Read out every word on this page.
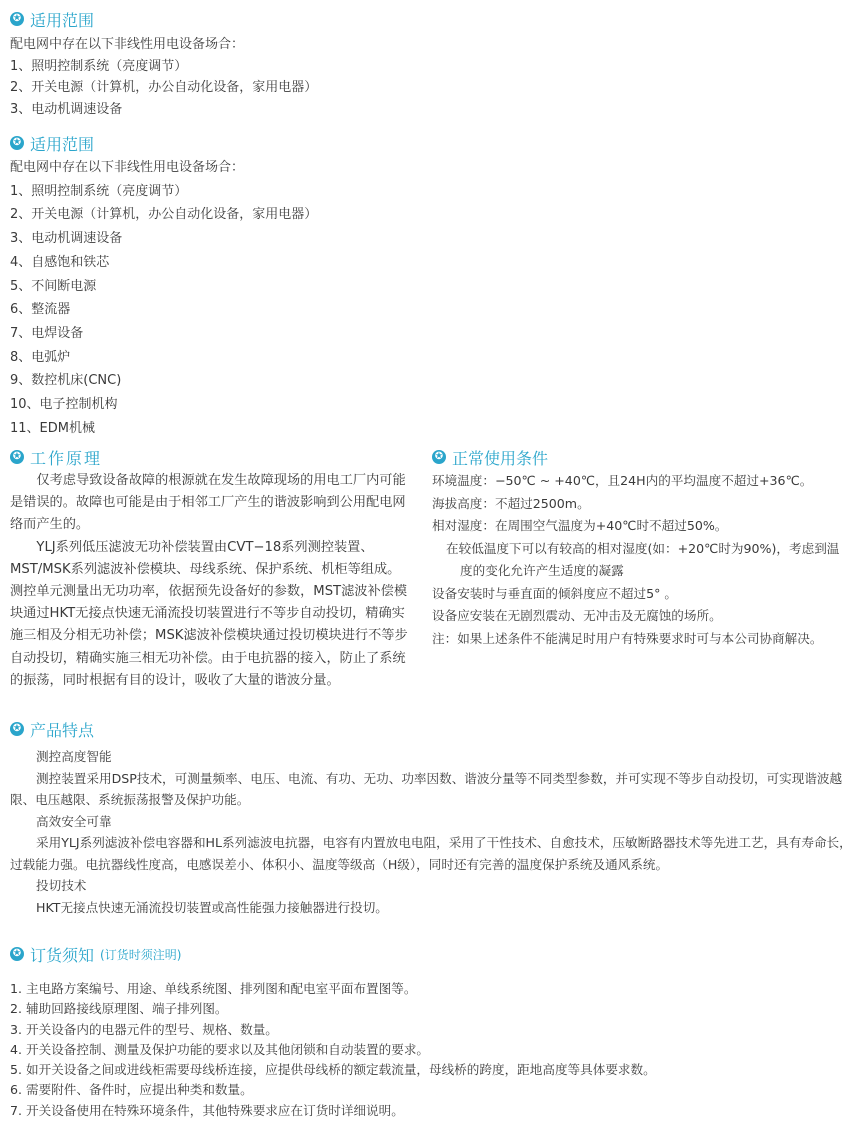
✪ 适用范围
配电网中存在以下非线性用电设备场合：
1、照明控制系统（亮度调节）
2、开关电源（计算机，办公自动化设备，家用电器）
3、电动机调速设备
✪ 适用范围
配电网中存在以下非线性用电设备场合：
1、照明控制系统（亮度调节）
2、开关电源（计算机，办公自动化设备，家用电器）
3、电动机调速设备
4、自感饱和铁芯
5、不间断电源
6、整流器
7、电焊设备
8、电弧炉
9、数控机床(CNC)
10、电子控制机构
11、EDM机械
✪ 工作原理
仅考虑导致设备故障的根源就在发生故障现场的用电工厂内可能是错误的。故障也可能是由于相邻工厂产生的谐波影响到公用配电网络而产生的。
YLJ系列低压滤波无功补偿装置由CVT−18系列测控装置、MST/MSK系列滤波补偿模块、母线系统、保护系统、机柜等组成。测控单元测量出无功功率，依据预先设备好的参数，MST滤波补偿模块通过HKT无接点快速无涌流投切装置进行不等步自动投切，精确实施三相及分相无功补偿；MSK滤波补偿模块通过投切模块进行不等步自动投切，精确实施三相无功补偿。由于电抗器的接入，防止了系统的振荡，同时根据有目的设计，吸收了大量的谐波分量。
✪ 正常使用条件
环境温度：−50℃ ~ +40℃，且24H内的平均温度不超过+36℃。
海拔高度：不超过2500m。
相对湿度：在周围空气温度为+40℃时不超过50%。
在较低温度下可以有较高的相对湿度(如：+20℃时为90%)，考虑到温
度的变化允许产生适度的凝露
设备安装时与垂直面的倾斜度应不超过5° 。
设备应安装在无剧烈震动、无冲击及无腐蚀的场所。
注：如果上述条件不能满足时用户有特殊要求时可与本公司协商解决。
✪ 产品特点
测控高度智能
测控装置采用DSP技术，可测量频率、电压、电流、有功、无功、功率因数、谐波分量等不同类型参数，并可实现不等步自动投切，可实现谐波越限、电压越限、系统振荡报警及保护功能。
高效安全可靠
采用YLJ系列滤波补偿电容器和HL系列滤波电抗器，电容有内置放电电阻，采用了干性技术、自愈技术，压敏断路器技术等先进工艺，具有寿命长，过载能力强。电抗器线性度高，电感误差小、体积小、温度等级高（H级），同时还有完善的温度保护系统及通风系统。
投切技术
HKT无接点快速无涌流投切装置或高性能强力接触器进行投切。
✪ 订货须知 (订货时须注明)
1. 主电路方案编号、用途、单线系统图、排列图和配电室平面布置图等。
2. 辅助回路接线原理图、端子排列图。
3. 开关设备内的电器元件的型号、规格、数量。
4. 开关设备控制、测量及保护功能的要求以及其他闭锁和自动装置的要求。
5. 如开关设备之间或进线柜需要母线桥连接，应提供母线桥的额定载流量，母线桥的跨度，距地高度等具体要求数。
6. 需要附件、备件时，应提出种类和数量。
7. 开关设备使用在特殊环境条件，其他特殊要求应在订货时详细说明。
